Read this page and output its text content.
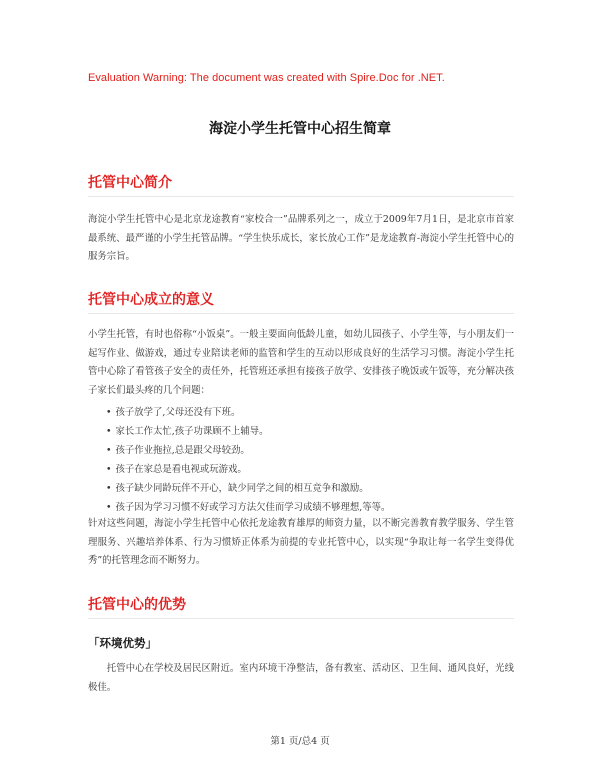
Evaluation Warning: The document was created with Spire.Doc for .NET.
海淀小学生托管中心招生简章
托管中心简介
海淀小学生托管中心是北京龙途教育“家校合一”品牌系列之一，成立于2009年7月1日，是北京市首家最系统、最严谨的小学生托管品牌。“学生快乐成长，家长放心工作”是龙途教育-海淀小学生托管中心的服务宗旨。
托管中心成立的意义
小学生托管，有时也俗称“小饭桌”。一般主要面向低龄儿童，如幼儿园孩子、小学生等，与小朋友们一起写作业、做游戏，通过专业陪读老师的监管和学生的互动以形成良好的生活学习习惯。海淀小学生托管中心除了看管孩子安全的责任外，托管班还承担有接孩子放学、安排孩子晚饭或午饭等，充分解决孩子家长们最头疼的几个问题：
• 孩子放学了,父母还没有下班。
• 家长工作太忙,孩子功课顾不上辅导。
• 孩子作业拖拉,总是跟父母较劲。
• 孩子在家总是看电视或玩游戏。
• 孩子缺少同龄玩伴不开心，缺少同学之间的相互竞争和激励。
• 孩子因为学习习惯不好或学习方法欠佳而学习成绩不够理想,等等。
针对这些问题，海淀小学生托管中心依托龙途教育雄厚的师资力量，以不断完善教育教学服务、学生管理服务、兴趣培养体系、行为习惯矫正体系为前提的专业托管中心，以实现“争取让每一名学生变得优秀”的托管理念而不断努力。
托管中心的优势
「环境优势」
托管中心在学校及居民区附近。室内环境干净整洁，备有教室、活动区、卫生间、通风良好，光线极佳。
第1 页/总4 页
